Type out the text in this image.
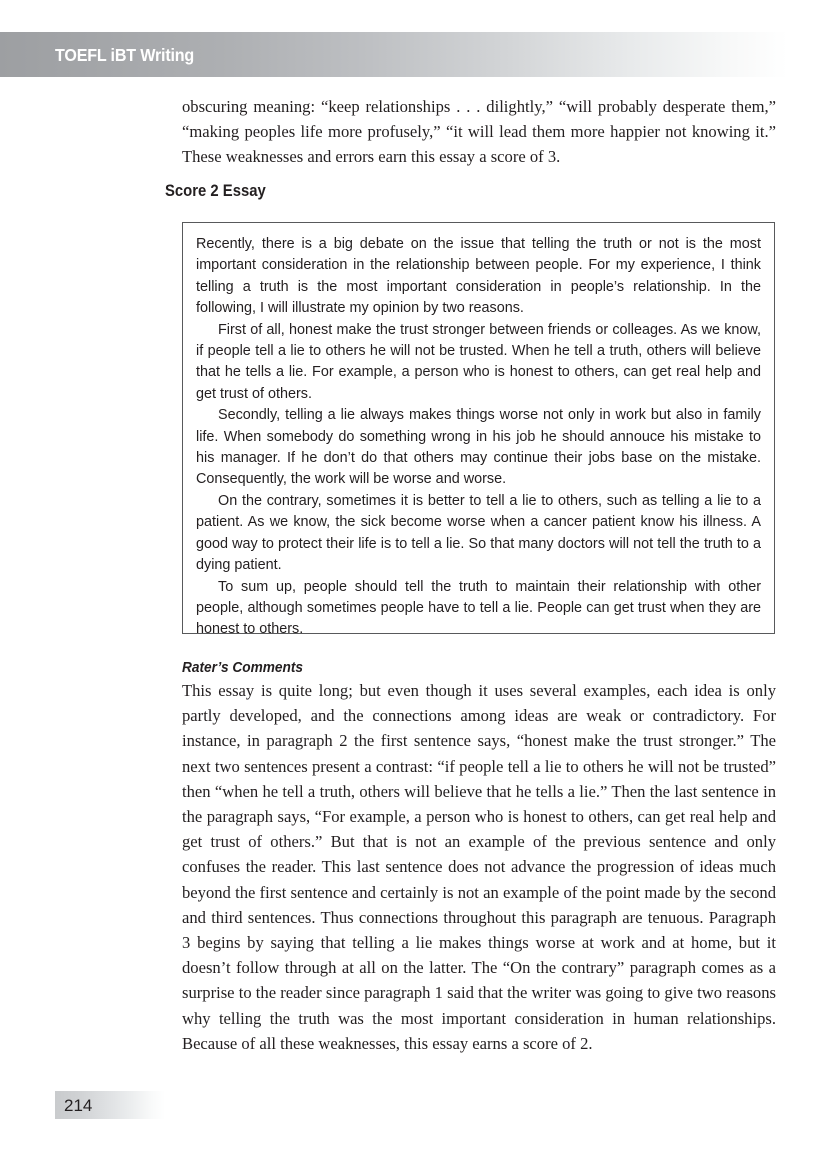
TOEFL iBT Writing

obscuring meaning: “keep relationships . . . dilightly,” “will probably desperate them,” “making peoples life more profusely,” “it will lead them more happier not knowing it.” These weaknesses and errors earn this essay a score of 3.

Score 2 Essay

Recently, there is a big debate on the issue that telling the truth or not is the most important consideration in the relationship between people. For my experience, I think telling a truth is the most important consideration in people’s relationship. In the following, I will illustrate my opinion by two reasons.

First of all, honest make the trust stronger between friends or colleages. As we know, if people tell a lie to others he will not be trusted. When he tell a truth, others will believe that he tells a lie. For example, a person who is honest to others, can get real help and get trust of others.

Secondly, telling a lie always makes things worse not only in work but also in family life. When somebody do something wrong in his job he should annouce his mistake to his manager. If he don’t do that others may continue their jobs base on the mistake. Consequently, the work will be worse and worse.

On the contrary, sometimes it is better to tell a lie to others, such as telling a lie to a patient. As we know, the sick become worse when a cancer patient know his illness. A good way to protect their life is to tell a lie. So that many doctors will not tell the truth to a dying patient.

To sum up, people should tell the truth to maintain their relationship with other people, although sometimes people have to tell a lie. People can get trust when they are honest to others.

Rater’s Comments

This essay is quite long; but even though it uses several examples, each idea is only partly developed, and the connections among ideas are weak or contradictory. For instance, in paragraph 2 the first sentence says, “honest make the trust stronger.” The next two sentences present a contrast: “if people tell a lie to others he will not be trusted” then “when he tell a truth, others will believe that he tells a lie.” Then the last sentence in the paragraph says, “For example, a person who is honest to others, can get real help and get trust of others.” But that is not an example of the previous sentence and only confuses the reader. This last sentence does not advance the progression of ideas much beyond the first sentence and certainly is not an example of the point made by the second and third sentences. Thus connections throughout this paragraph are tenuous. Paragraph 3 begins by saying that telling a lie makes things worse at work and at home, but it doesn’t follow through at all on the latter. The “On the contrary” paragraph comes as a surprise to the reader since paragraph 1 said that the writer was going to give two reasons why telling the truth was the most important consideration in human relationships. Because of all these weaknesses, this essay earns a score of 2.

214
